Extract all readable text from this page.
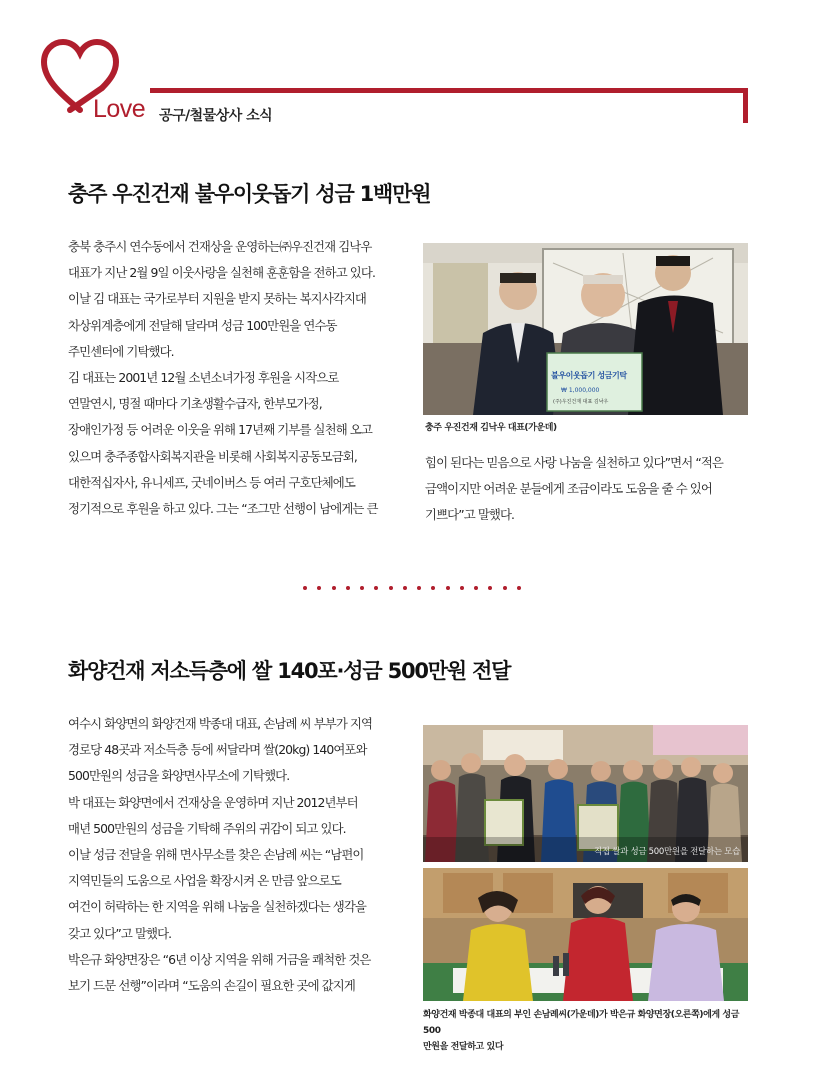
Love 공구/철물상사 소식
충주 우진건재 불우이웃돕기 성금 1백만원
충북 충주시 연수동에서 건재상을 운영하는㈜우진건재 김낙우
대표가 지난 2월 9일 이웃사랑을 실천해 훈훈함을 전하고 있다.
이날 김 대표는 국가로부터 지원을 받지 못하는 복지사각지대
차상위계층에게 전달해 달라며 성금 100만원을 연수동
주민센터에 기탁했다.
김 대표는 2001년 12월 소년소녀가정 후원을 시작으로
연말연시, 명절 때마다 기초생활수급자, 한부모가정,
장애인가정 등 어려운 이웃을 위해 17년째 기부를 실천해 오고
있으며 충주종합사회복지관을 비롯해 사회복지공동모금회,
대한적십자사, 유니세프, 굿네이버스 등 여러 구호단체에도
정기적으로 후원을 하고 있다. 그는 “조그만 선행이 남에게는 큰
불우이웃돕기 성금기탁
₩ 1,000,000
(주)우진건재 대표 김낙우
충주 우진건재 김낙우 대표(가운데)
힘이 된다는 믿음으로 사랑 나눔을 실천하고 있다”면서 “적은
금액이지만 어려운 분들에게 조금이라도 도움을 줄 수 있어
기쁘다”고 말했다.
화양건재 저소득층에 쌀 140포·성금 500만원 전달
여수시 화양면의 화양건재 박종대 대표, 손남례 씨 부부가 지역
경로당 48곳과 저소득층 등에 써달라며 쌀(20kg) 140여포와
500만원의 성금을 화양면사무소에 기탁했다.
박 대표는 화양면에서 건재상을 운영하며 지난 2012년부터
매년 500만원의 성금을 기탁해 주위의 귀감이 되고 있다.
이날 성금 전달을 위해 면사무소를 찾은 손남례 씨는 “남편이
지역민들의 도움으로 사업을 확장시켜 온 만큼 앞으로도
여건이 허락하는 한 지역을 위해 나눔을 실천하겠다는 생각을
갖고 있다”고 말했다.
박은규 화양면장은 “6년 이상 지역을 위해 거금을 쾌척한 것은
보기 드문 선행”이라며 “도움의 손길이 필요한 곳에 값지게
직접 쌀과 성금 500만원을 전달하는 모습
화양건재 박종대 대표의 부인 손남례씨(가운데)가 박은규 화양면장(오른쪽)에게 성금 500
만원을 전달하고 있다
